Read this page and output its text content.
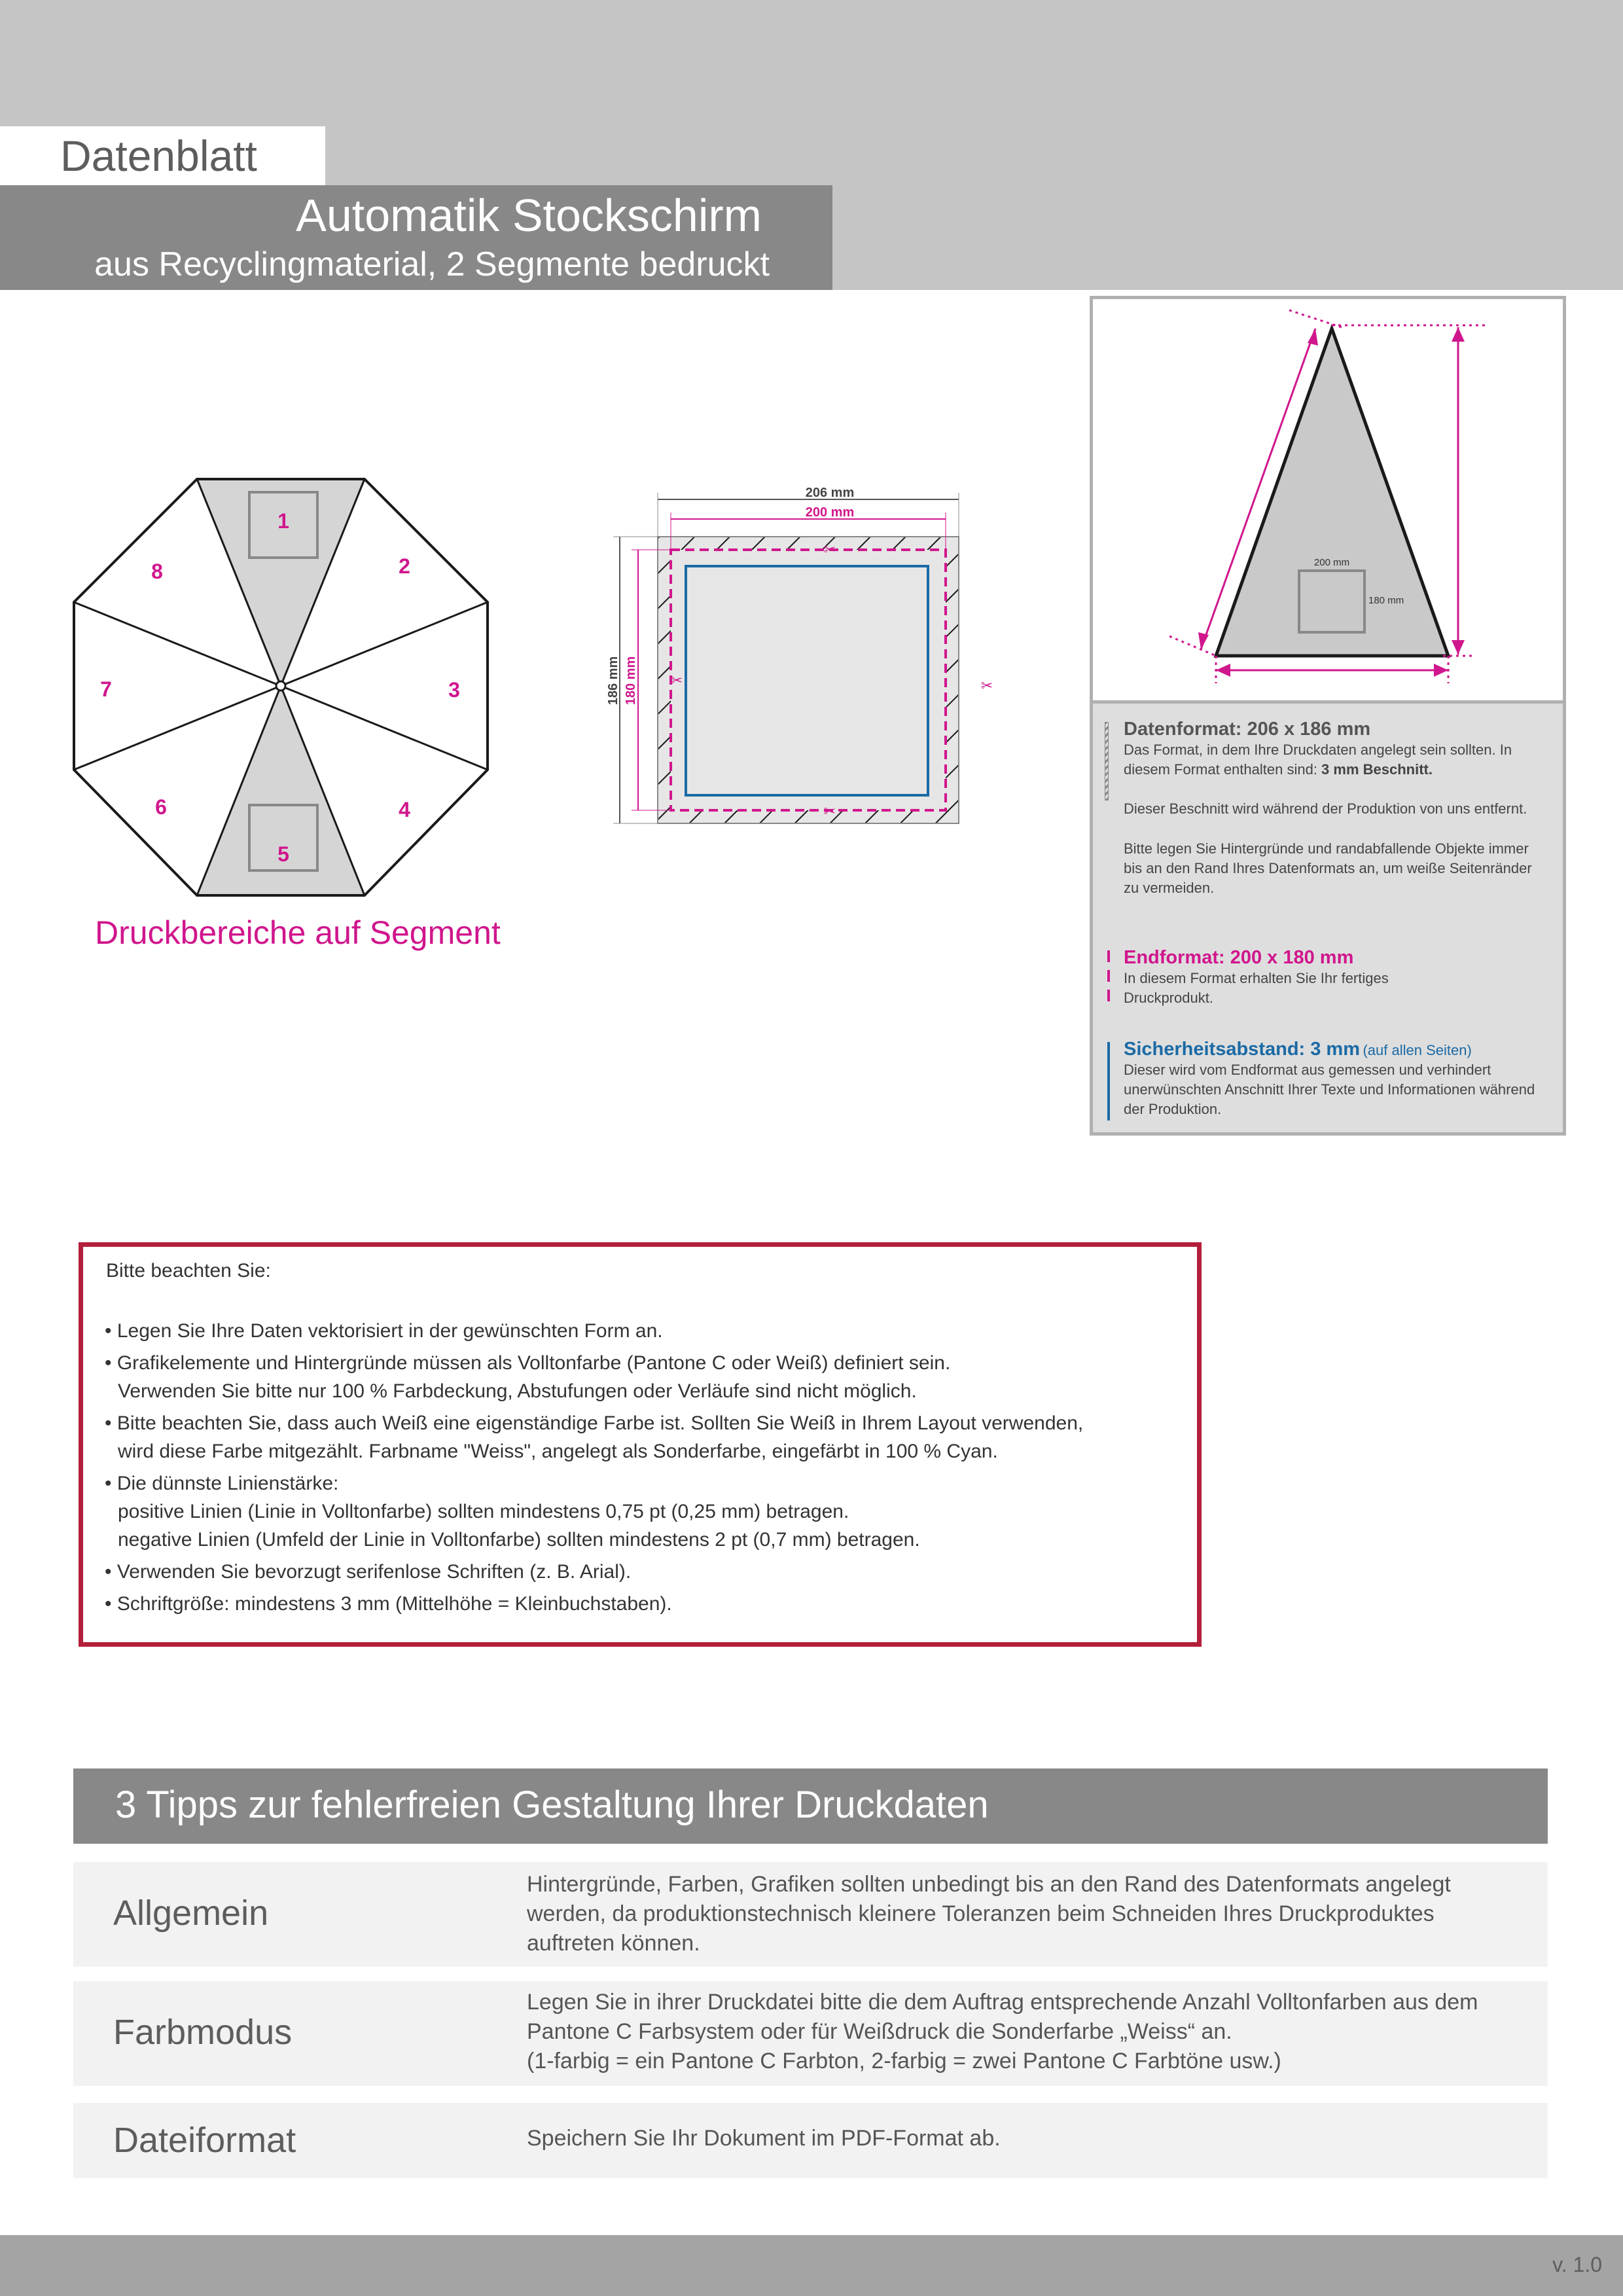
Datenblatt
Automatik Stockschirm
aus Recyclingmaterial, 2 Segmente bedruckt
1
2
3
4
5
6
7
8
Druckbereiche auf Segment
✂
✂
✂	✂
206 mm
200 mm
186 mm 180 mm
200 mm
180 mm
Datenformat: 206 x 186 mm
Das Format, in dem Ihre Druckdaten angelegt sein sollten. In diesem Format enthalten sind: 3 mm Beschnitt.
Dieser Beschnitt wird während der Produktion von uns entfernt.
Bitte legen Sie Hintergründe und randabfallende Objekte immer bis an den Rand Ihres Datenformats an, um weiße Seitenränder zu vermeiden.
Endformat: 200 x 180 mm
In diesem Format erhalten Sie Ihr fertiges Druckprodukt.
Sicherheitsabstand: 3 mm (auf allen Seiten)
Dieser wird vom Endformat aus gemessen und verhindert unerwünschten Anschnitt Ihrer Texte und Informationen während der Produktion.
Bitte beachten Sie:
• Legen Sie Ihre Daten vektorisiert in der gewünschten Form an.
• Grafikelemente und Hintergründe müssen als Volltonfarbe (Pantone C oder Weiß) definiert sein.
Verwenden Sie bitte nur 100 % Farbdeckung, Abstufungen oder Verläufe sind nicht möglich.
• Bitte beachten Sie, dass auch Weiß eine eigenständige Farbe ist. Sollten Sie Weiß in Ihrem Layout verwenden,
wird diese Farbe mitgezählt. Farbname "Weiss", angelegt als Sonderfarbe, eingefärbt in 100 % Cyan.
• Die dünnste Linienstärke:
positive Linien (Linie in Volltonfarbe) sollten mindestens 0,75 pt (0,25 mm) betragen.
negative Linien (Umfeld der Linie in Volltonfarbe) sollten mindestens 2 pt (0,7 mm) betragen.
• Verwenden Sie bevorzugt serifenlose Schriften (z. B. Arial).
• Schriftgröße: mindestens 3 mm (Mittelhöhe = Kleinbuchstaben).
3 Tipps zur fehlerfreien Gestaltung Ihrer Druckdaten
Allgemein
Hintergründe, Farben, Grafiken sollten unbedingt bis an den Rand des Datenformats angelegt werden, da produktionstechnisch kleinere Toleranzen beim Schneiden Ihres Druckproduktes auftreten können.
Farbmodus
Legen Sie in ihrer Druckdatei bitte die dem Auftrag entsprechende Anzahl Volltonfarben aus dem Pantone C Farbsystem oder für Weißdruck die Sonderfarbe „Weiss“ an.
(1-farbig = ein Pantone C Farbton, 2-farbig = zwei Pantone C Farbtöne usw.)
Dateiformat	Speichern Sie Ihr Dokument im PDF-Format ab.
v. 1.0
